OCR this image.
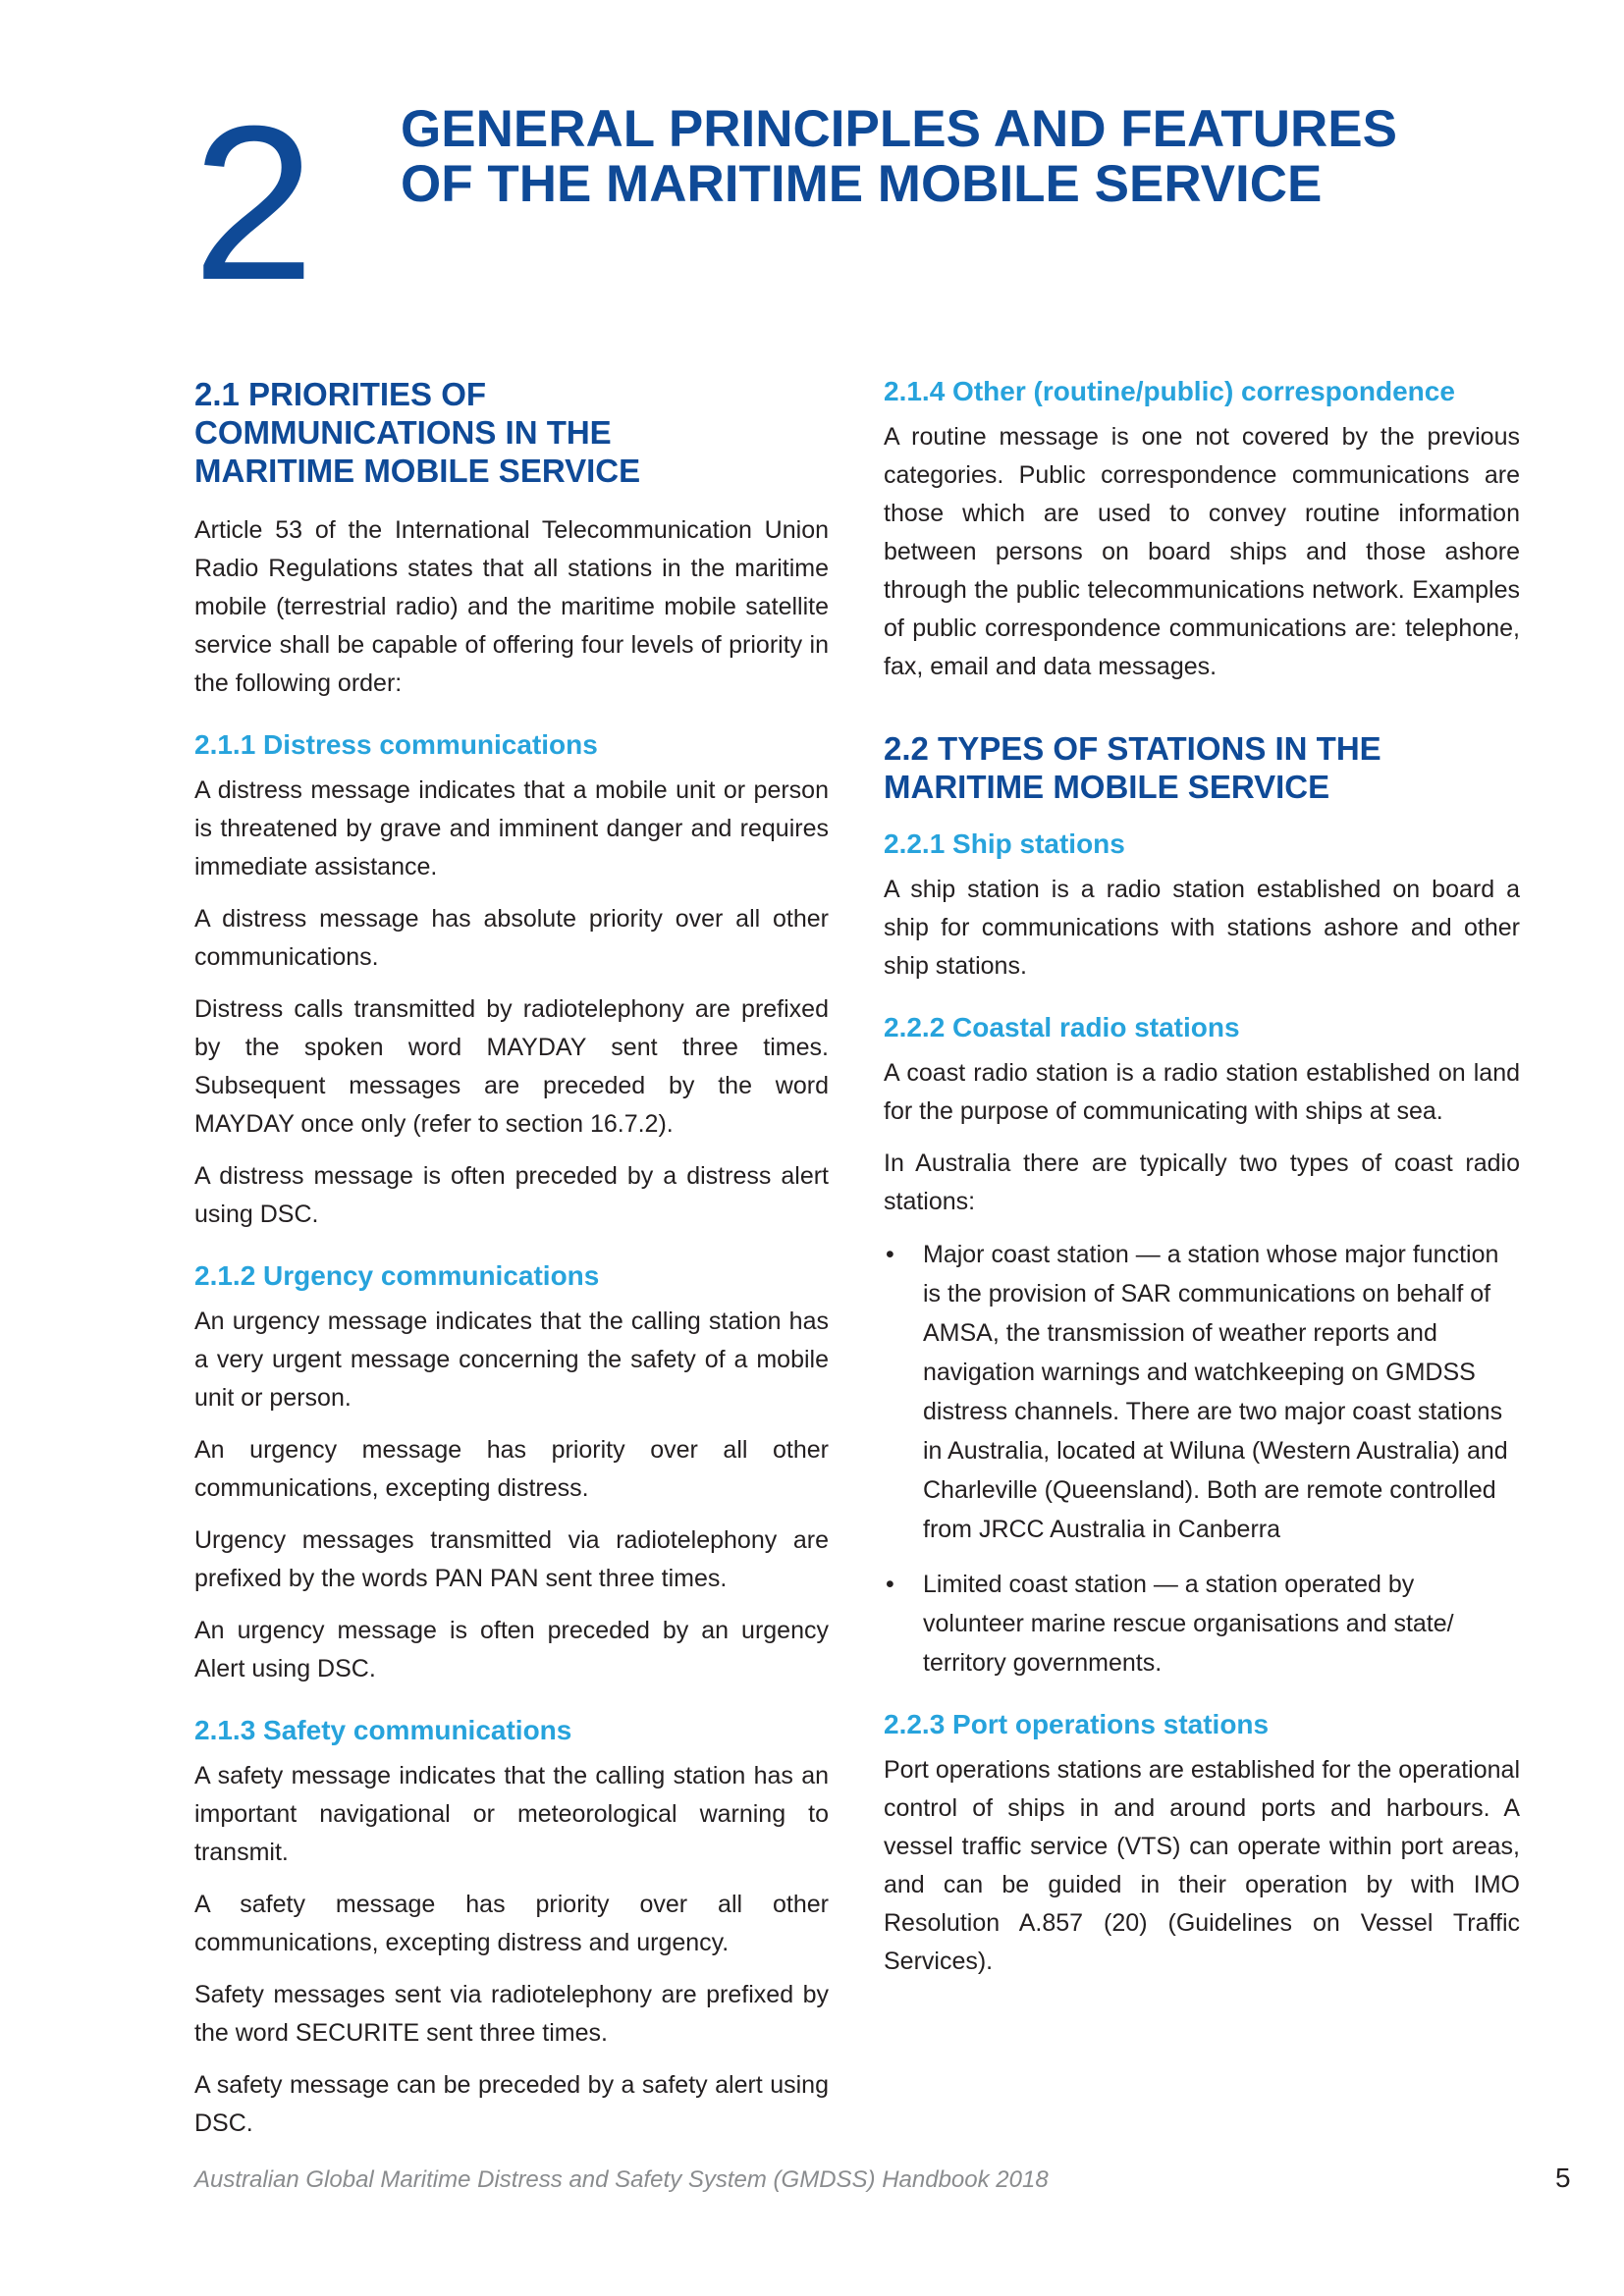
2 GENERAL PRINCIPLES AND FEATURES
OF THE MARITIME MOBILE SERVICE
2.1 PRIORITIES OF
COMMUNICATIONS IN THE
MARITIME MOBILE SERVICE

Article 53 of the International Telecommunication Union Radio Regulations states that all stations in the maritime mobile (terrestrial radio) and the maritime mobile satellite service shall be capable of offering four levels of priority in the following order:

2.1.1 Distress communications

A distress message indicates that a mobile unit or person is threatened by grave and imminent danger and requires immediate assistance.

A distress message has absolute priority over all other communications.

Distress calls transmitted by radiotelephony are prefixed by the spoken word MAYDAY sent three times. Subsequent messages are preceded by the word MAYDAY once only (refer to section 16.7.2).

A distress message is often preceded by a distress alert using DSC.

2.1.2 Urgency communications

An urgency message indicates that the calling station has a very urgent message concerning the safety of a mobile unit or person.

An urgency message has priority over all other communications, excepting distress.

Urgency messages transmitted via radiotelephony are prefixed by the words PAN PAN sent three times.

An urgency message is often preceded by an urgency Alert using DSC.

2.1.3 Safety communications

A safety message indicates that the calling station has an important navigational or meteorological warning to transmit.

A safety message has priority over all other communications, excepting distress and urgency.

Safety messages sent via radiotelephony are prefixed by the word SECURITE sent three times.

A safety message can be preceded by a safety alert using DSC.

2.1.4 Other (routine/public) correspondence

A routine message is one not covered by the previous categories. Public correspondence communications are those which are used to convey routine information between persons on board ships and those ashore through the public telecommunications network. Examples of public correspondence communications are: telephone, fax, email and data messages.

2.2 TYPES OF STATIONS IN THE
MARITIME MOBILE SERVICE
2.2.1 Ship stations

A ship station is a radio station established on board a ship for communications with stations ashore and other ship stations.

2.2.2 Coastal radio stations

A coast radio station is a radio station established on land for the purpose of communicating with ships at sea.

In Australia there are typically two types of coast radio stations:

• Major coast station — a station whose major function is the provision of SAR communications on behalf of AMSA, the transmission of weather reports and navigation warnings and watchkeeping on GMDSS distress channels. There are two major coast stations in Australia, located at Wiluna (Western Australia) and Charleville (Queensland). Both are remote controlled from JRCC Australia in Canberra
• Limited coast station — a station operated by volunteer marine rescue organisations and state/ territory governments.
2.2.3 Port operations stations

Port operations stations are established for the operational control of ships in and around ports and harbours. A vessel traffic service (VTS) can operate within port areas, and can be guided in their operation by with IMO Resolution A.857 (20) (Guidelines on Vessel Traffic Services).

Australian Global Maritime Distress and Safety System (GMDSS) Handbook 2018	5
